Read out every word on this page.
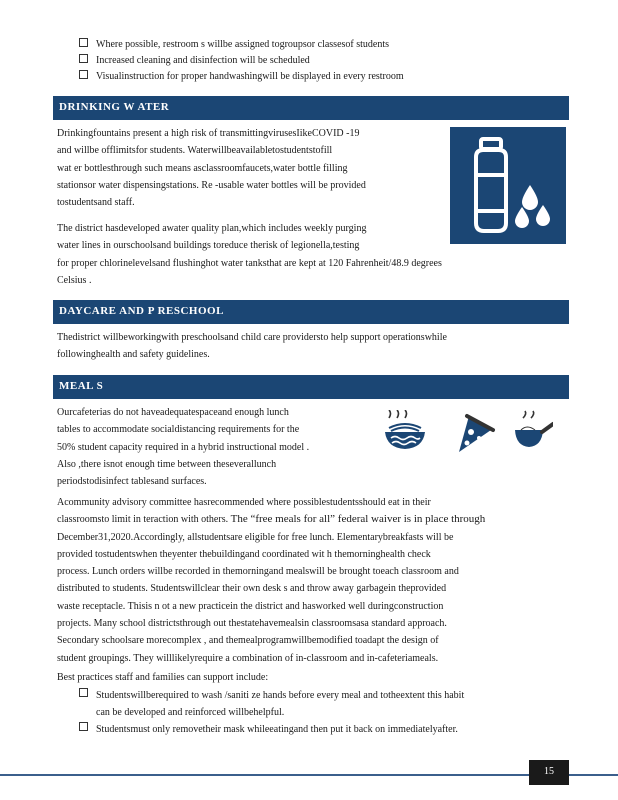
Where possible, restroom s willbe assigned togroupsor classesof students
Increased cleaning and disinfection will be scheduled
Visualinstruction for proper handwashingwill be displayed in every restroom
DRINKING W ATER
Drinkingfountains present a high risk of transmittingvirusesIikeCOVID -19
and willbe offlimitsfor students. Waterwillbeavailabletostudentstofill
wat er bottlesthrough such means asclassroomfaucets,water bottle filling
stationsor water dispensingstations. Re -usable water bottles will be provided
tostudentsand staff.
The district hasdeveloped awater quality plan,which includes weekly purging
water lines in ourschoolsand buildings toreduce therisk of legionella,testing
for proper chlorinelevelsand flushinghot water tanksthat are kept at 120 Fahrenheit/48.9 degrees
Celsius .
DAYCARE AND P RESCHOOL
Thedistrict willbeworkingwith preschoolsand child care providersto help support operationswhile
followinghealth and safety guidelines.
MEAL S
Ourcafeterias do not haveadequatespaceand enough lunch
tables to accommodate socialdistancing requirements for the
50% student capacity required in a hybrid instructional model .
Also ,there isnot enough time between theseverallunch
periodstodisinfect tablesand surfaces.
Acommunity advisory committee hasrecommended where possiblestudentsshould eat in their
classroomsto limit in teraction with others. The “free meals for all” federal waiver is in place through
December31,2020.Accordingly, allstudentsare eligible for free lunch. Elementarybreakfasts will be
provided tostudentswhen theyenter thebuildingand coordinated wit h themorninghealth check
process. Lunch orders willbe recorded in themorningand mealswill be brought toeach classroom and
distributed to students. Studentswillclear their own desk s and throw away garbagein theprovided
waste receptacle. Thisis n ot a new practicein the district and hasworked well duringconstruction
projects. Many school districtsthrough out thestatehavemealsin classroomsasa standard approach.
Secondary schoolsare morecomplex , and themealprogramwillbemodified toadapt the design of
student groupings. They willlikelyrequire a combination of in-classroom and in-cafeteriameals.
Best practices staff and families can support include:
Studentswillberequired to wash /saniti ze hands before every meal and totheextent this habit
can be developed and reinforced willbehelpful.
Studentsmust only removetheir mask whileeatingand then put it back on immediatelyafter.
15
